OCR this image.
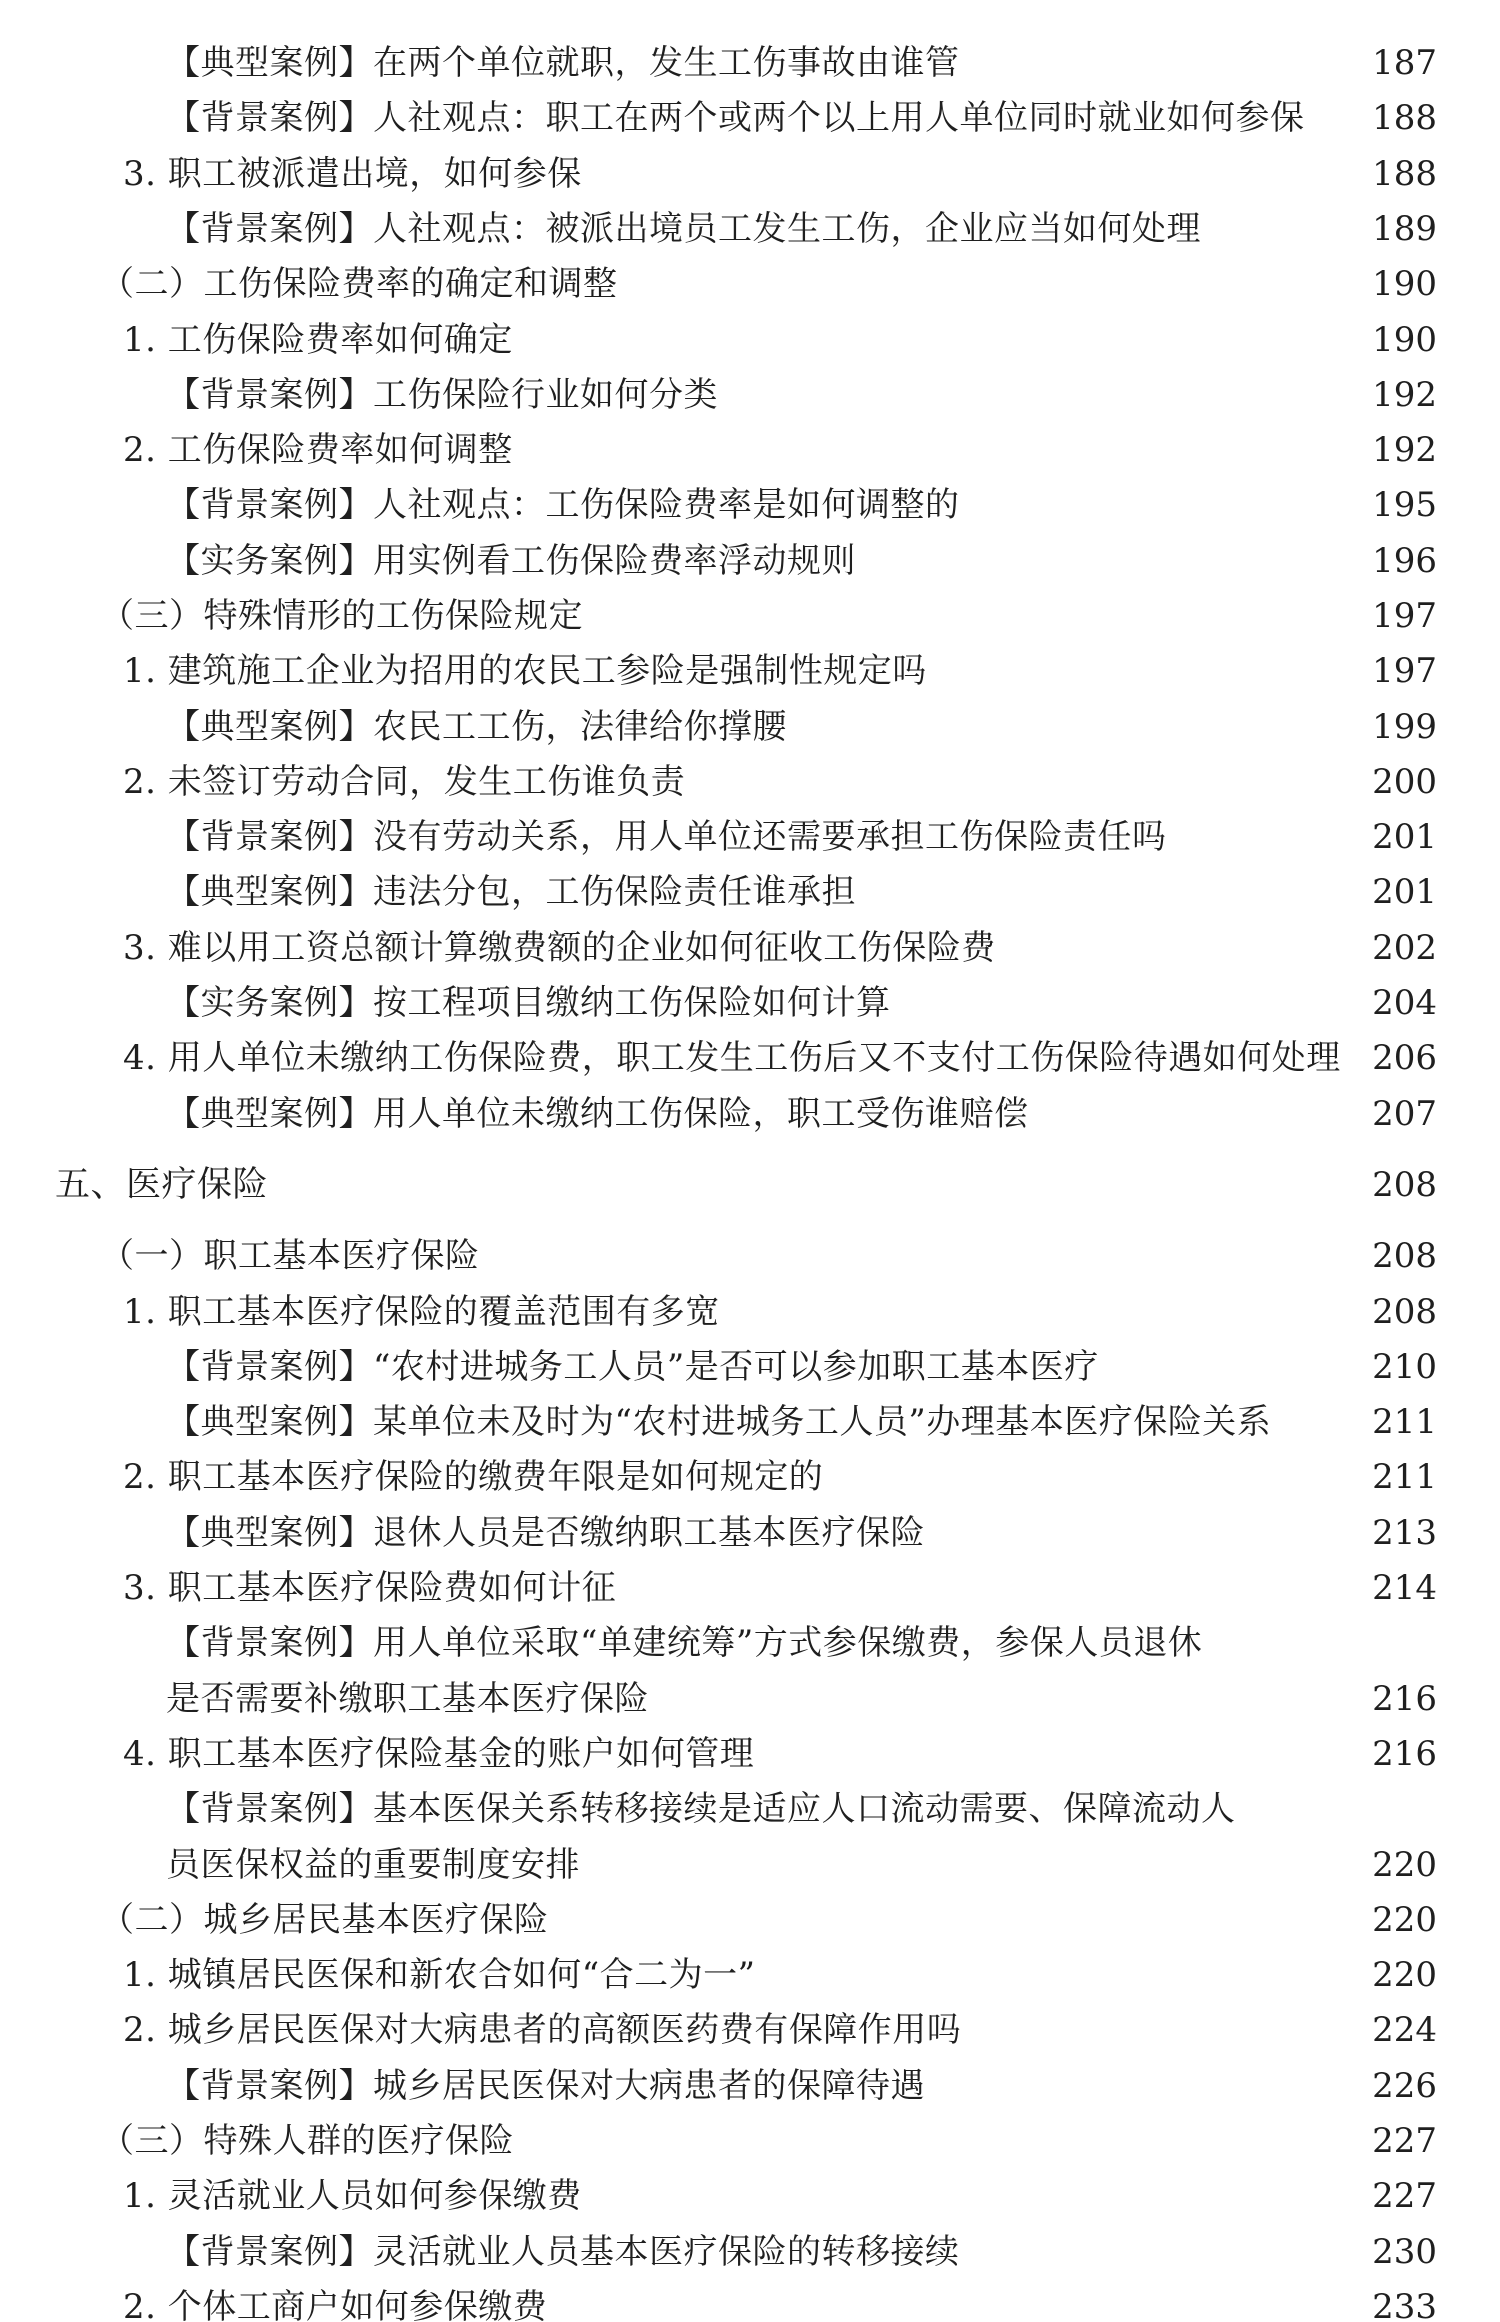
【典型案例】在两个单位就职，发生工伤事故由谁管	187
【背景案例】人社观点：职工在两个或两个以上用人单位同时就业如何参保 188
3. 职工被派遣出境，如何参保	188
【背景案例】人社观点：被派出境员工发生工伤，企业应当如何处理	189
（二）工伤保险费率的确定和调整	190
1. 工伤保险费率如何确定	190
【背景案例】工伤保险行业如何分类	192
2. 工伤保险费率如何调整	192
【背景案例】人社观点：工伤保险费率是如何调整的	195
【实务案例】用实例看工伤保险费率浮动规则	196
（三）特殊情形的工伤保险规定	197
1. 建筑施工企业为招用的农民工参险是强制性规定吗	197
【典型案例】农民工工伤，法律给你撑腰	199
2. 未签订劳动合同，发生工伤谁负责	200
【背景案例】没有劳动关系，用人单位还需要承担工伤保险责任吗	201
【典型案例】违法分包，工伤保险责任谁承担	201
3. 难以用工资总额计算缴费额的企业如何征收工伤保险费	202
【实务案例】按工程项目缴纳工伤保险如何计算	204
4. 用人单位未缴纳工伤保险费，职工发生工伤后又不支付工伤保险待遇如何处理 206
【典型案例】用人单位未缴纳工伤保险，职工受伤谁赔偿	207
五、医疗保险	208
（一）职工基本医疗保险	208
1. 职工基本医疗保险的覆盖范围有多宽	208
【背景案例】“农村进城务工人员”是否可以参加职工基本医疗	210
【典型案例】某单位未及时为“农村进城务工人员”办理基本医疗保险关系	211
2. 职工基本医疗保险的缴费年限是如何规定的	211
【典型案例】退休人员是否缴纳职工基本医疗保险	213
3. 职工基本医疗保险费如何计征	214
【背景案例】用人单位采取“单建统筹”方式参保缴费，参保人员退休
是否需要补缴职工基本医疗保险	216
4. 职工基本医疗保险基金的账户如何管理	216
【背景案例】基本医保关系转移接续是适应人口流动需要、保障流动人
员医保权益的重要制度安排	220
（二）城乡居民基本医疗保险	220
1. 城镇居民医保和新农合如何“合二为一”	220
2. 城乡居民医保对大病患者的高额医药费有保障作用吗	224
【背景案例】城乡居民医保对大病患者的保障待遇	226
（三）特殊人群的医疗保险	227
1. 灵活就业人员如何参保缴费	227
【背景案例】灵活就业人员基本医疗保险的转移接续	230
2. 个体工商户如何参保缴费	233
